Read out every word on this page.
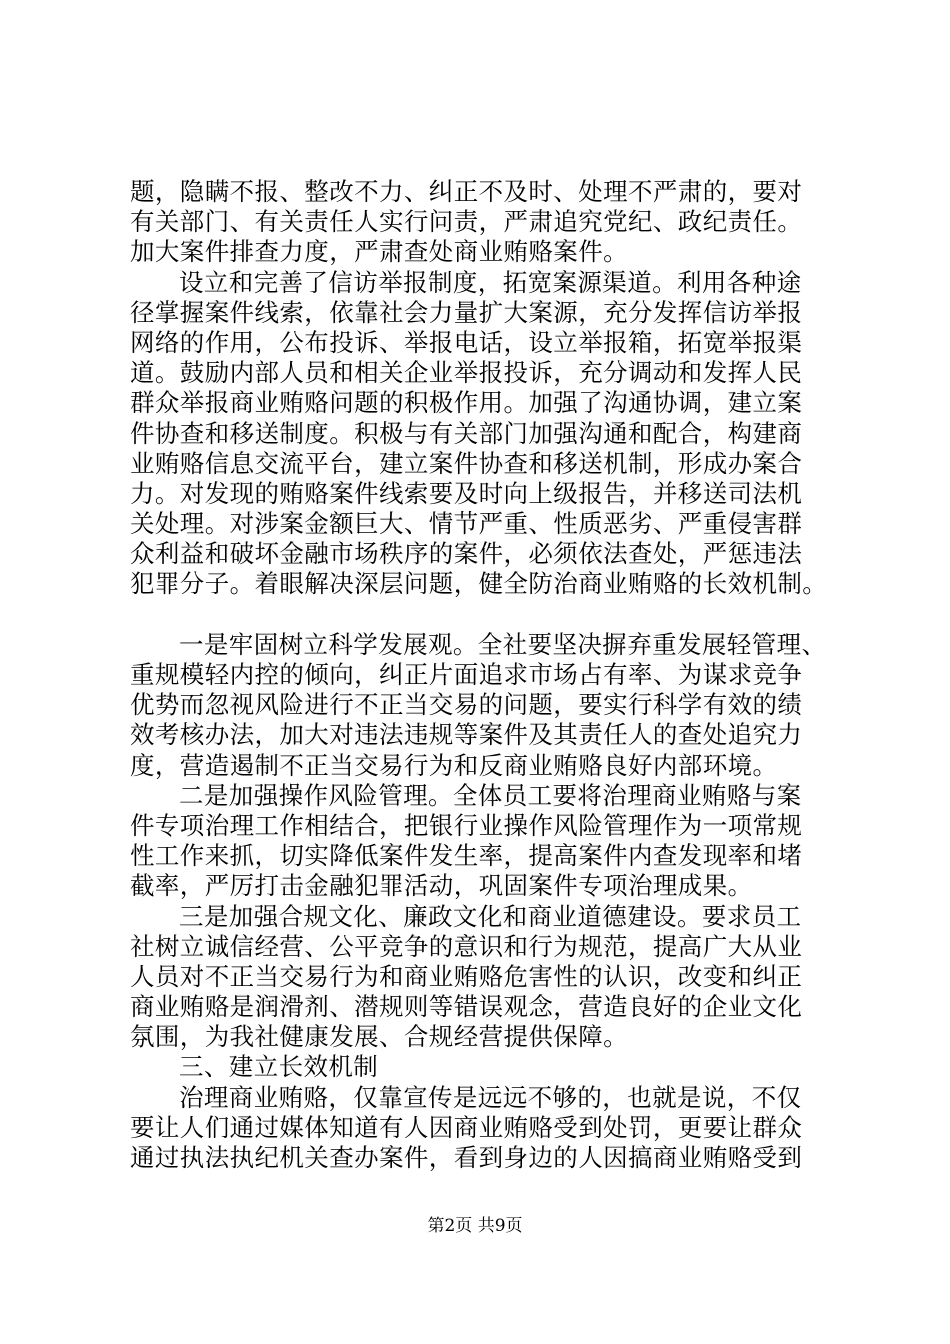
题，隐瞒不报、整改不力、纠正不及时、处理不严肃的，要对
有关部门、有关责任人实行问责，严肃追究党纪、政纪责任。
加大案件排查力度，严肃查处商业贿赂案件。
设立和完善了信访举报制度，拓宽案源渠道。利用各种途
径掌握案件线索，依靠社会力量扩大案源，充分发挥信访举报
网络的作用，公布投诉、举报电话，设立举报箱，拓宽举报渠
道。鼓励内部人员和相关企业举报投诉，充分调动和发挥人民
群众举报商业贿赂问题的积极作用。加强了沟通协调，建立案
件协查和移送制度。积极与有关部门加强沟通和配合，构建商
业贿赂信息交流平台，建立案件协查和移送机制，形成办案合
力。对发现的贿赂案件线索要及时向上级报告，并移送司法机
关处理。对涉案金额巨大、情节严重、性质恶劣、严重侵害群
众利益和破坏金融市场秩序的案件，必须依法查处，严惩违法
犯罪分子。着眼解决深层问题，健全防治商业贿赂的长效机制。
一是牢固树立科学发展观。全社要坚决摒弃重发展轻管理、
重规模轻内控的倾向，纠正片面追求市场占有率、为谋求竞争
优势而忽视风险进行不正当交易的问题，要实行科学有效的绩
效考核办法，加大对违法违规等案件及其责任人的查处追究力
度，营造遏制不正当交易行为和反商业贿赂良好内部环境。
二是加强操作风险管理。全体员工要将治理商业贿赂与案
件专项治理工作相结合，把银行业操作风险管理作为一项常规
性工作来抓，切实降低案件发生率，提高案件内查发现率和堵
截率，严厉打击金融犯罪活动，巩固案件专项治理成果。
三是加强合规文化、廉政文化和商业道德建设。要求员工
社树立诚信经营、公平竞争的意识和行为规范，提高广大从业
人员对不正当交易行为和商业贿赂危害性的认识，改变和纠正
商业贿赂是润滑剂、潜规则等错误观念，营造良好的企业文化
氛围，为我社健康发展、合规经营提供保障。
三、建立长效机制
治理商业贿赂，仅靠宣传是远远不够的，也就是说，不仅
要让人们通过媒体知道有人因商业贿赂受到处罚，更要让群众
通过执法执纪机关查办案件，看到身边的人因搞商业贿赂受到
第2页 共9页
